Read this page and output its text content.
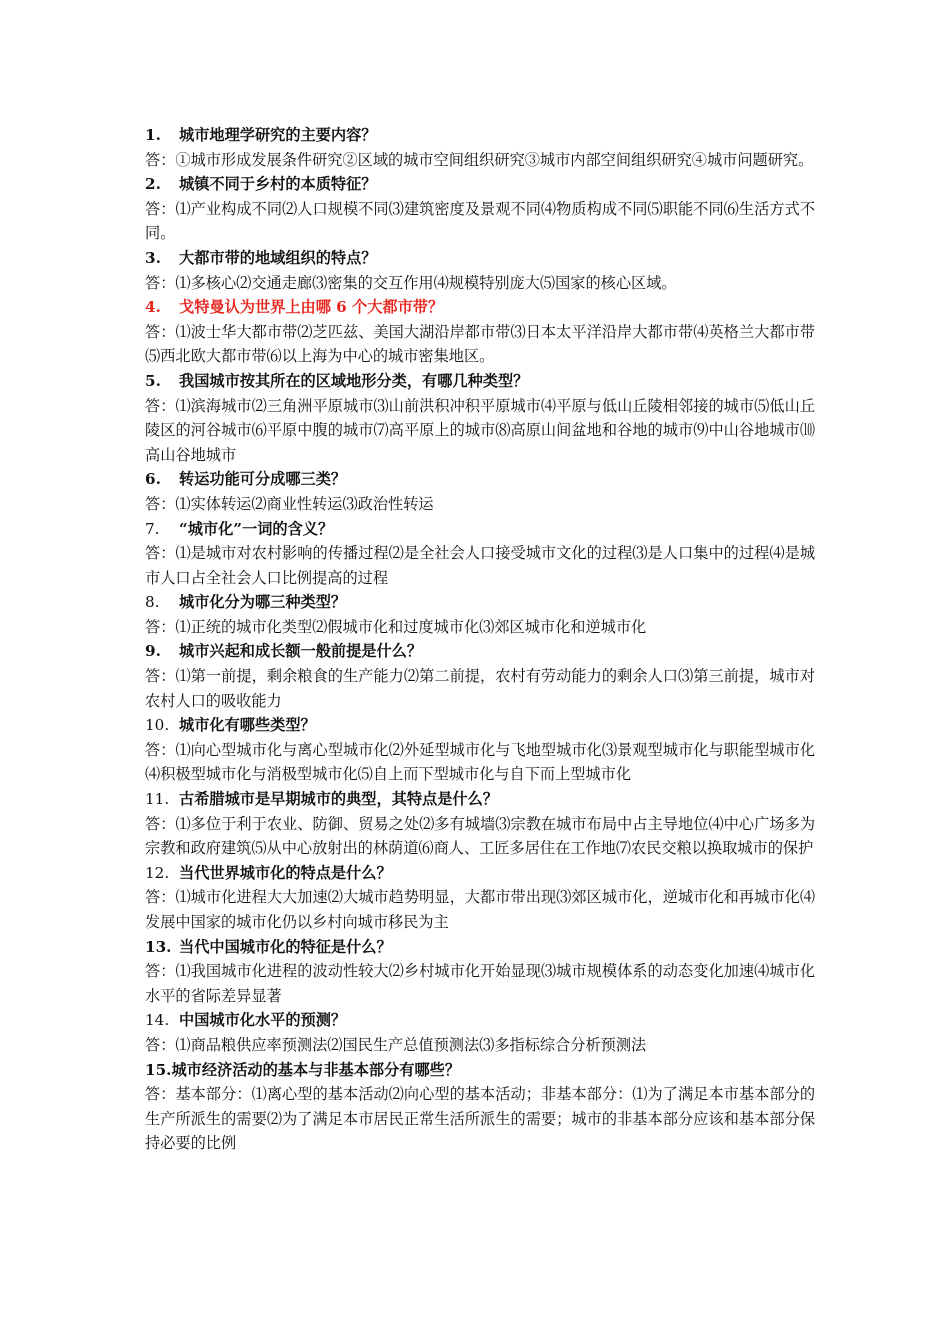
1. 城市地理学研究的主要内容？

答：①城市形成发展条件研究②区域的城市空间组织研究③城市内部空间组织研究④城市问题研究。

2. 城镇不同于乡村的本质特征？

答：⑴产业构成不同⑵人口规模不同⑶建筑密度及景观不同⑷物质构成不同⑸职能不同⑹生活方式不同。

3. 大都市带的地域组织的特点？

答：⑴多核心⑵交通走廊⑶密集的交互作用⑷规模特别庞大⑸国家的核心区域。

4. 戈特曼认为世界上由哪 6 个大都市带？

答：⑴波士华大都市带⑵芝匹兹、美国大湖沿岸都市带⑶日本太平洋沿岸大都市带⑷英格兰大都市带⑸西北欧大都市带⑹以上海为中心的城市密集地区。

5. 我国城市按其所在的区域地形分类，有哪几种类型？

答：⑴滨海城市⑵三角洲平原城市⑶山前洪积冲积平原城市⑷平原与低山丘陵相邻接的城市⑸低山丘陵区的河谷城市⑹平原中腹的城市⑺高平原上的城市⑻高原山间盆地和谷地的城市⑼中山谷地城市⑽高山谷地城市

6. 转运功能可分成哪三类？

答：⑴实体转运⑵商业性转运⑶政治性转运

7. “城市化”一词的含义？

答：⑴是城市对农村影响的传播过程⑵是全社会人口接受城市文化的过程⑶是人口集中的过程⑷是城市人口占全社会人口比例提高的过程

8. 城市化分为哪三种类型？

答：⑴正统的城市化类型⑵假城市化和过度城市化⑶郊区城市化和逆城市化

9. 城市兴起和成长额一般前提是什么？

答：⑴第一前提，剩余粮食的生产能力⑵第二前提，农村有劳动能力的剩余人口⑶第三前提，城市对农村人口的吸收能力

10. 城市化有哪些类型？

答：⑴向心型城市化与离心型城市化⑵外延型城市化与飞地型城市化⑶景观型城市化与职能型城市化⑷积极型城市化与消极型城市化⑸自上而下型城市化与自下而上型城市化

11. 古希腊城市是早期城市的典型，其特点是什么？

答：⑴多位于利于农业、防御、贸易之处⑵多有城墙⑶宗教在城市布局中占主导地位⑷中心广场多为宗教和政府建筑⑸从中心放射出的林荫道⑹商人、工匠多居住在工作地⑺农民交粮以换取城市的保护

12. 当代世界城市化的特点是什么？

答：⑴城市化进程大大加速⑵大城市趋势明显，大都市带出现⑶郊区城市化，逆城市化和再城市化⑷发展中国家的城市化仍以乡村向城市移民为主

13. 当代中国城市化的特征是什么？

答：⑴我国城市化进程的波动性较大⑵乡村城市化开始显现⑶城市规模体系的动态变化加速⑷城市化水平的省际差异显著

14. 中国城市化水平的预测？

答：⑴商品粮供应率预测法⑵国民生产总值预测法⑶多指标综合分析预测法

15.城市经济活动的基本与非基本部分有哪些？

答：基本部分：⑴离心型的基本活动⑵向心型的基本活动；非基本部分：⑴为了满足本市基本部分的生产所派生的需要⑵为了满足本市居民正常生活所派生的需要；城市的非基本部分应该和基本部分保持必要的比例
